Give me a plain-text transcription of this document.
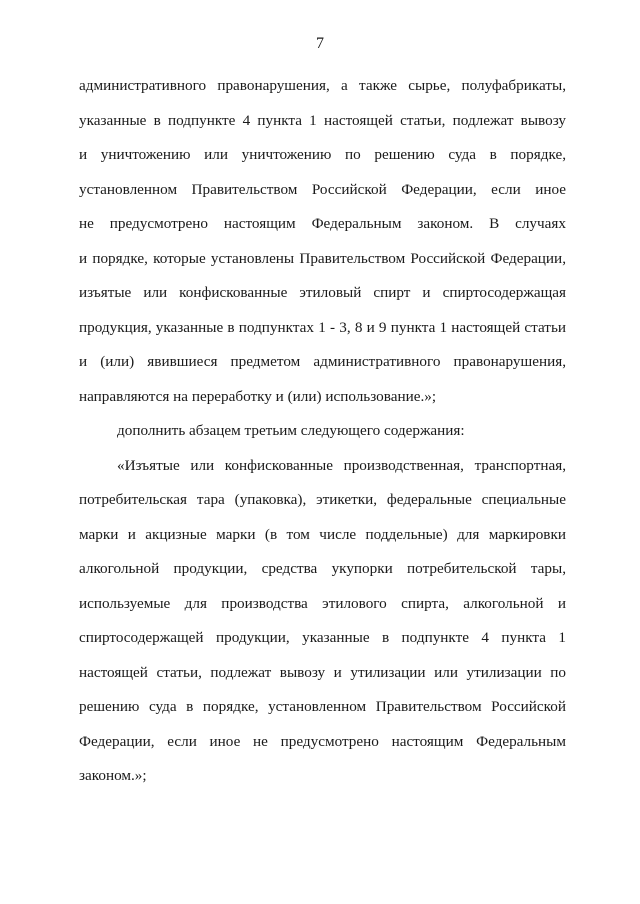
7
административного правонарушения, а также сырье, полуфабрикаты,
указанные в подпункте 4 пункта 1 настоящей статьи, подлежат вывозу
и уничтожению или уничтожению по решению суда в порядке,
установленном Правительством Российской Федерации, если иное
не предусмотрено настоящим Федеральным законом. В случаях
и порядке, которые установлены Правительством Российской Федерации,
изъятые или конфискованные этиловый спирт и спиртосодержащая
продукция, указанные в подпунктах 1 - 3, 8 и 9 пункта 1 настоящей статьи
и (или) явившиеся предметом административного правонарушения,
направляются на переработку и (или) использование.»;
дополнить абзацем третьим следующего содержания:
«Изъятые или конфискованные производственная, транспортная,
потребительская тара (упаковка), этикетки, федеральные специальные
марки и акцизные марки (в том числе поддельные) для маркировки
алкогольной продукции, средства укупорки потребительской тары,
используемые для производства этилового спирта, алкогольной и
спиртосодержащей продукции, указанные в подпункте 4 пункта 1
настоящей статьи, подлежат вывозу и утилизации или утилизации по
решению суда в порядке, установленном Правительством Российской
Федерации, если иное не предусмотрено настоящим Федеральным
законом.»;
